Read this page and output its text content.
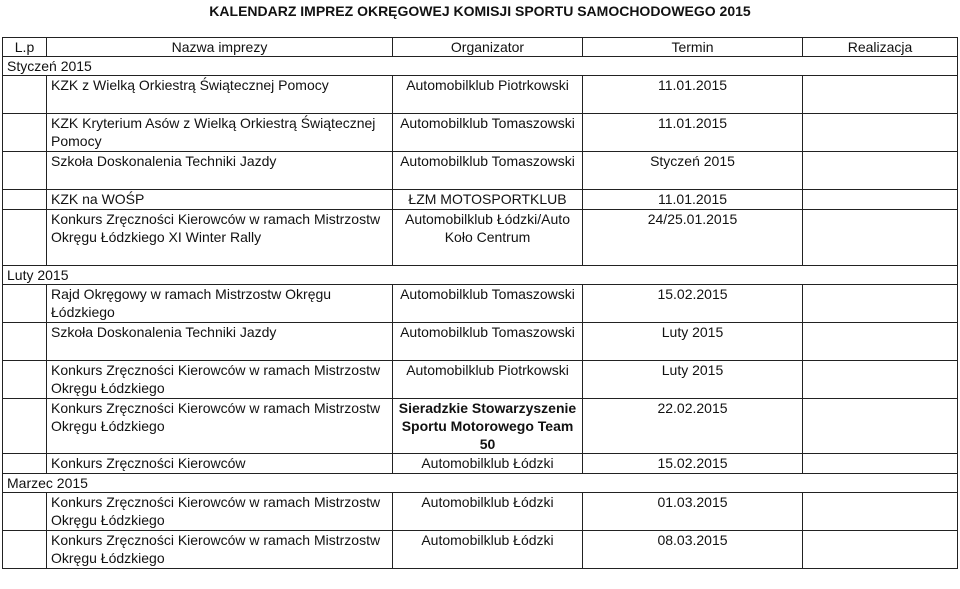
KALENDARZ IMPREZ OKRĘGOWEJ KOMISJI SPORTU SAMOCHODOWEGO 2015
L.p	Nazwa imprezy	Organizator	Termin	Realizacja
Styczeń 2015				
	KZK z Wielką Orkiestrą Świątecznej Pomocy	Automobilklub Piotrkowski	11.01.2015	
	KZK Kryterium Asów z Wielką Orkiestrą Świątecznej Pomocy	Automobilklub Tomaszowski	11.01.2015	
	Szkoła Doskonalenia Techniki Jazdy	Automobilklub Tomaszowski	Styczeń 2015	
	KZK na WOŚP	ŁZM MOTOSPORTKLUB	11.01.2015	
	Konkurs Zręczności Kierowców w ramach Mistrzostw Okręgu Łódzkiego XI Winter Rally	Automobilklub Łódzki/Auto Koło Centrum	24/25.01.2015	
Luty 2015				
	Rajd Okręgowy w ramach Mistrzostw Okręgu Łódzkiego	Automobilklub Tomaszowski	15.02.2015	
	Szkoła Doskonalenia Techniki Jazdy	Automobilklub Tomaszowski	Luty 2015	
	Konkurs Zręczności Kierowców w ramach Mistrzostw Okręgu Łódzkiego	Automobilklub Piotrkowski	Luty 2015	
	Konkurs Zręczności Kierowców w ramach Mistrzostw Okręgu Łódzkiego	Sieradzkie Stowarzyszenie Sportu Motorowego Team 50	22.02.2015	
	Konkurs Zręczności Kierowców	Automobilklub Łódzki	15.02.2015	
Marzec 2015				
	Konkurs Zręczności Kierowców w ramach Mistrzostw Okręgu Łódzkiego	Automobilklub Łódzki	01.03.2015	
	Konkurs Zręczności Kierowców w ramach Mistrzostw Okręgu Łódzkiego	Automobilklub Łódzki	08.03.2015	
